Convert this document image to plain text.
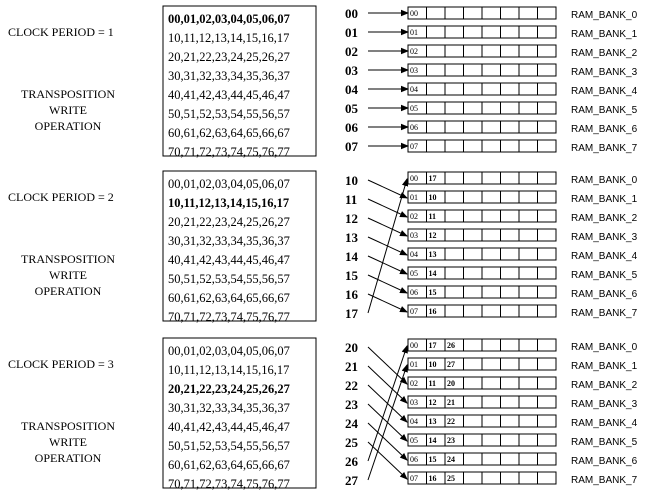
CLOCK PERIOD = 1
TRANSPOSITION
WRITE
OPERATION
00,01,02,03,04,05,06,07
10,11,12,13,14,15,16,17
20,21,22,23,24,25,26,27
30,31,32,33,34,35,36,37
40,41,42,43,44,45,46,47
50,51,52,53,54,55,56,57
60,61,62,63,64,65,66,67
70,71,72,73,74,75,76,77
00	RAM_BANK_0
01	RAM_BANK_1
02	RAM_BANK_2
03	RAM_BANK_3
04	RAM_BANK_4
05	RAM_BANK_5
06	RAM_BANK_6
07	RAM_BANK_7
00
01
02
03
04
05
06
07
CLOCK PERIOD = 2
TRANSPOSITION
WRITE
OPERATION
00,01,02,03,04,05,06,07
10,11,12,13,14,15,16,17
20,21,22,23,24,25,26,27
30,31,32,33,34,35,36,37
40,41,42,43,44,45,46,47
50,51,52,53,54,55,56,57
60,61,62,63,64,65,66,67
70,71,72,73,74,75,76,77
00 17	RAM_BANK_0
01 10	RAM_BANK_1
02 11	RAM_BANK_2
03 12	RAM_BANK_3
04 13	RAM_BANK_4
05 14	RAM_BANK_5
06 15	RAM_BANK_6
07 16	RAM_BANK_7
10
11
12
13
14
15
16
17
CLOCK PERIOD = 3
TRANSPOSITION
WRITE
OPERATION
00,01,02,03,04,05,06,07
10,11,12,13,14,15,16,17
20,21,22,23,24,25,26,27
30,31,32,33,34,35,36,37
40,41,42,43,44,45,46,47
50,51,52,53,54,55,56,57
60,61,62,63,64,65,66,67
70,71,72,73,74,75,76,77
00 17 26	RAM_BANK_0
01 10 27	RAM_BANK_1
02 11 20	RAM_BANK_2
03 12 21	RAM_BANK_3
04 13 22	RAM_BANK_4
05 14 23	RAM_BANK_5
06 15 24	RAM_BANK_6
07 16 25	RAM_BANK_7
20
21
22
23
24
25
26
27
